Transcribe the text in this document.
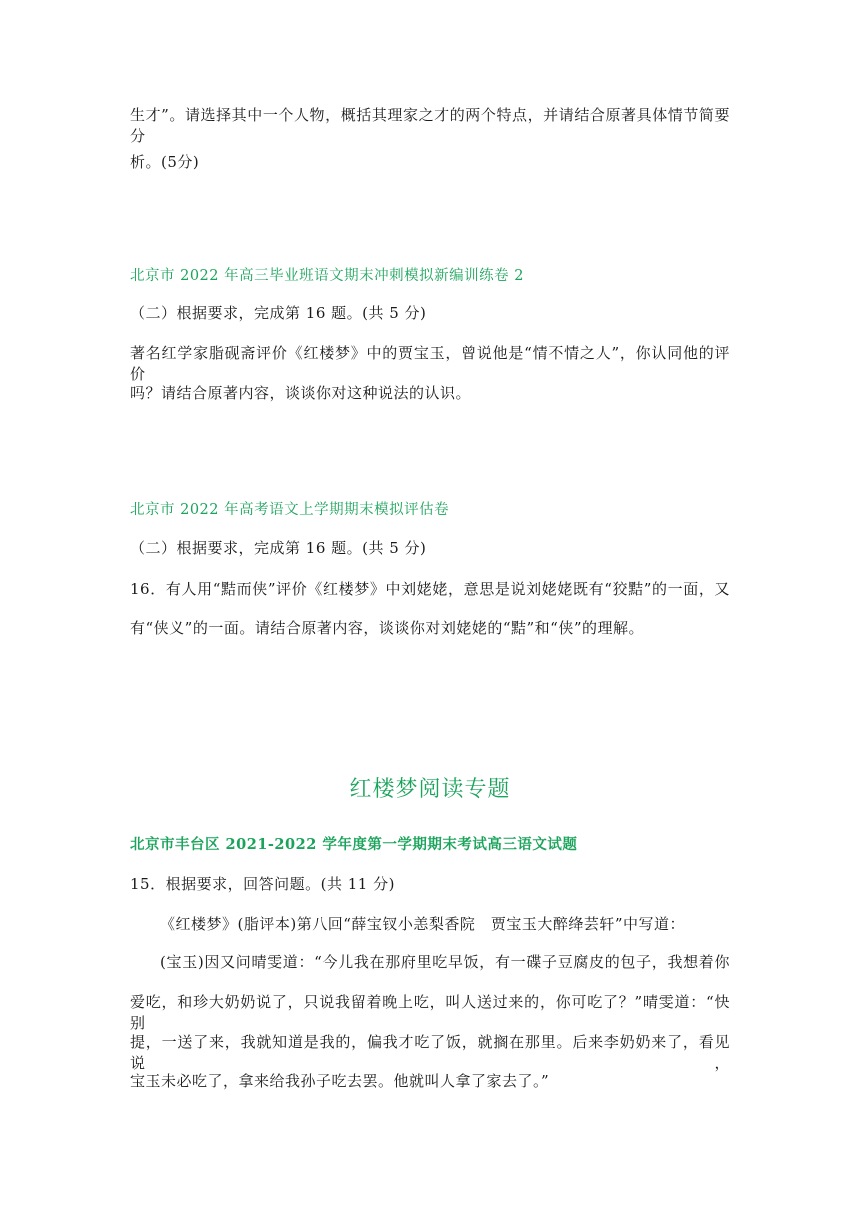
生才”。请选择其中一个人物，概括其理家之才的两个特点，并请结合原著具体情节简要分
析。(5分)
北京市 2022 年高三毕业班语文期末冲刺模拟新编训练卷 2
（二）根据要求，完成第 16 题。(共 5 分)
著名红学家脂砚斋评价《红楼梦》中的贾宝玉，曾说他是“情不情之人”，你认同他的评价
吗？请结合原著内容，谈谈你对这种说法的认识。
北京市 2022 年高考语文上学期期末模拟评估卷
（二）根据要求，完成第 16 题。(共 5 分)
16．有人用“黠而侠”评价《红楼梦》中刘姥姥，意思是说刘姥姥既有“狡黠”的一面，又
有“侠义”的一面。请结合原著内容，谈谈你对刘姥姥的“黠”和“侠”的理解。
红楼梦阅读专题
北京市丰台区 2021-2022 学年度第一学期期末考试高三语文试题
15．根据要求，回答问题。(共 11 分)
《红楼梦》(脂评本)第八回“薛宝钗小恙梨香院　贾宝玉大醉绛芸轩”中写道：
(宝玉)因又问晴雯道：“今儿我在那府里吃早饭，有一碟子豆腐皮的包子，我想着你
爱吃，和珍大奶奶说了，只说我留着晚上吃，叫人送过来的，你可吃了？”晴雯道：“快别
提，一送了来，我就知道是我的，偏我才吃了饭，就搁在那里。后来李奶奶来了，看见说，
宝玉未必吃了，拿来给我孙子吃去罢。他就叫人拿了家去了。”
